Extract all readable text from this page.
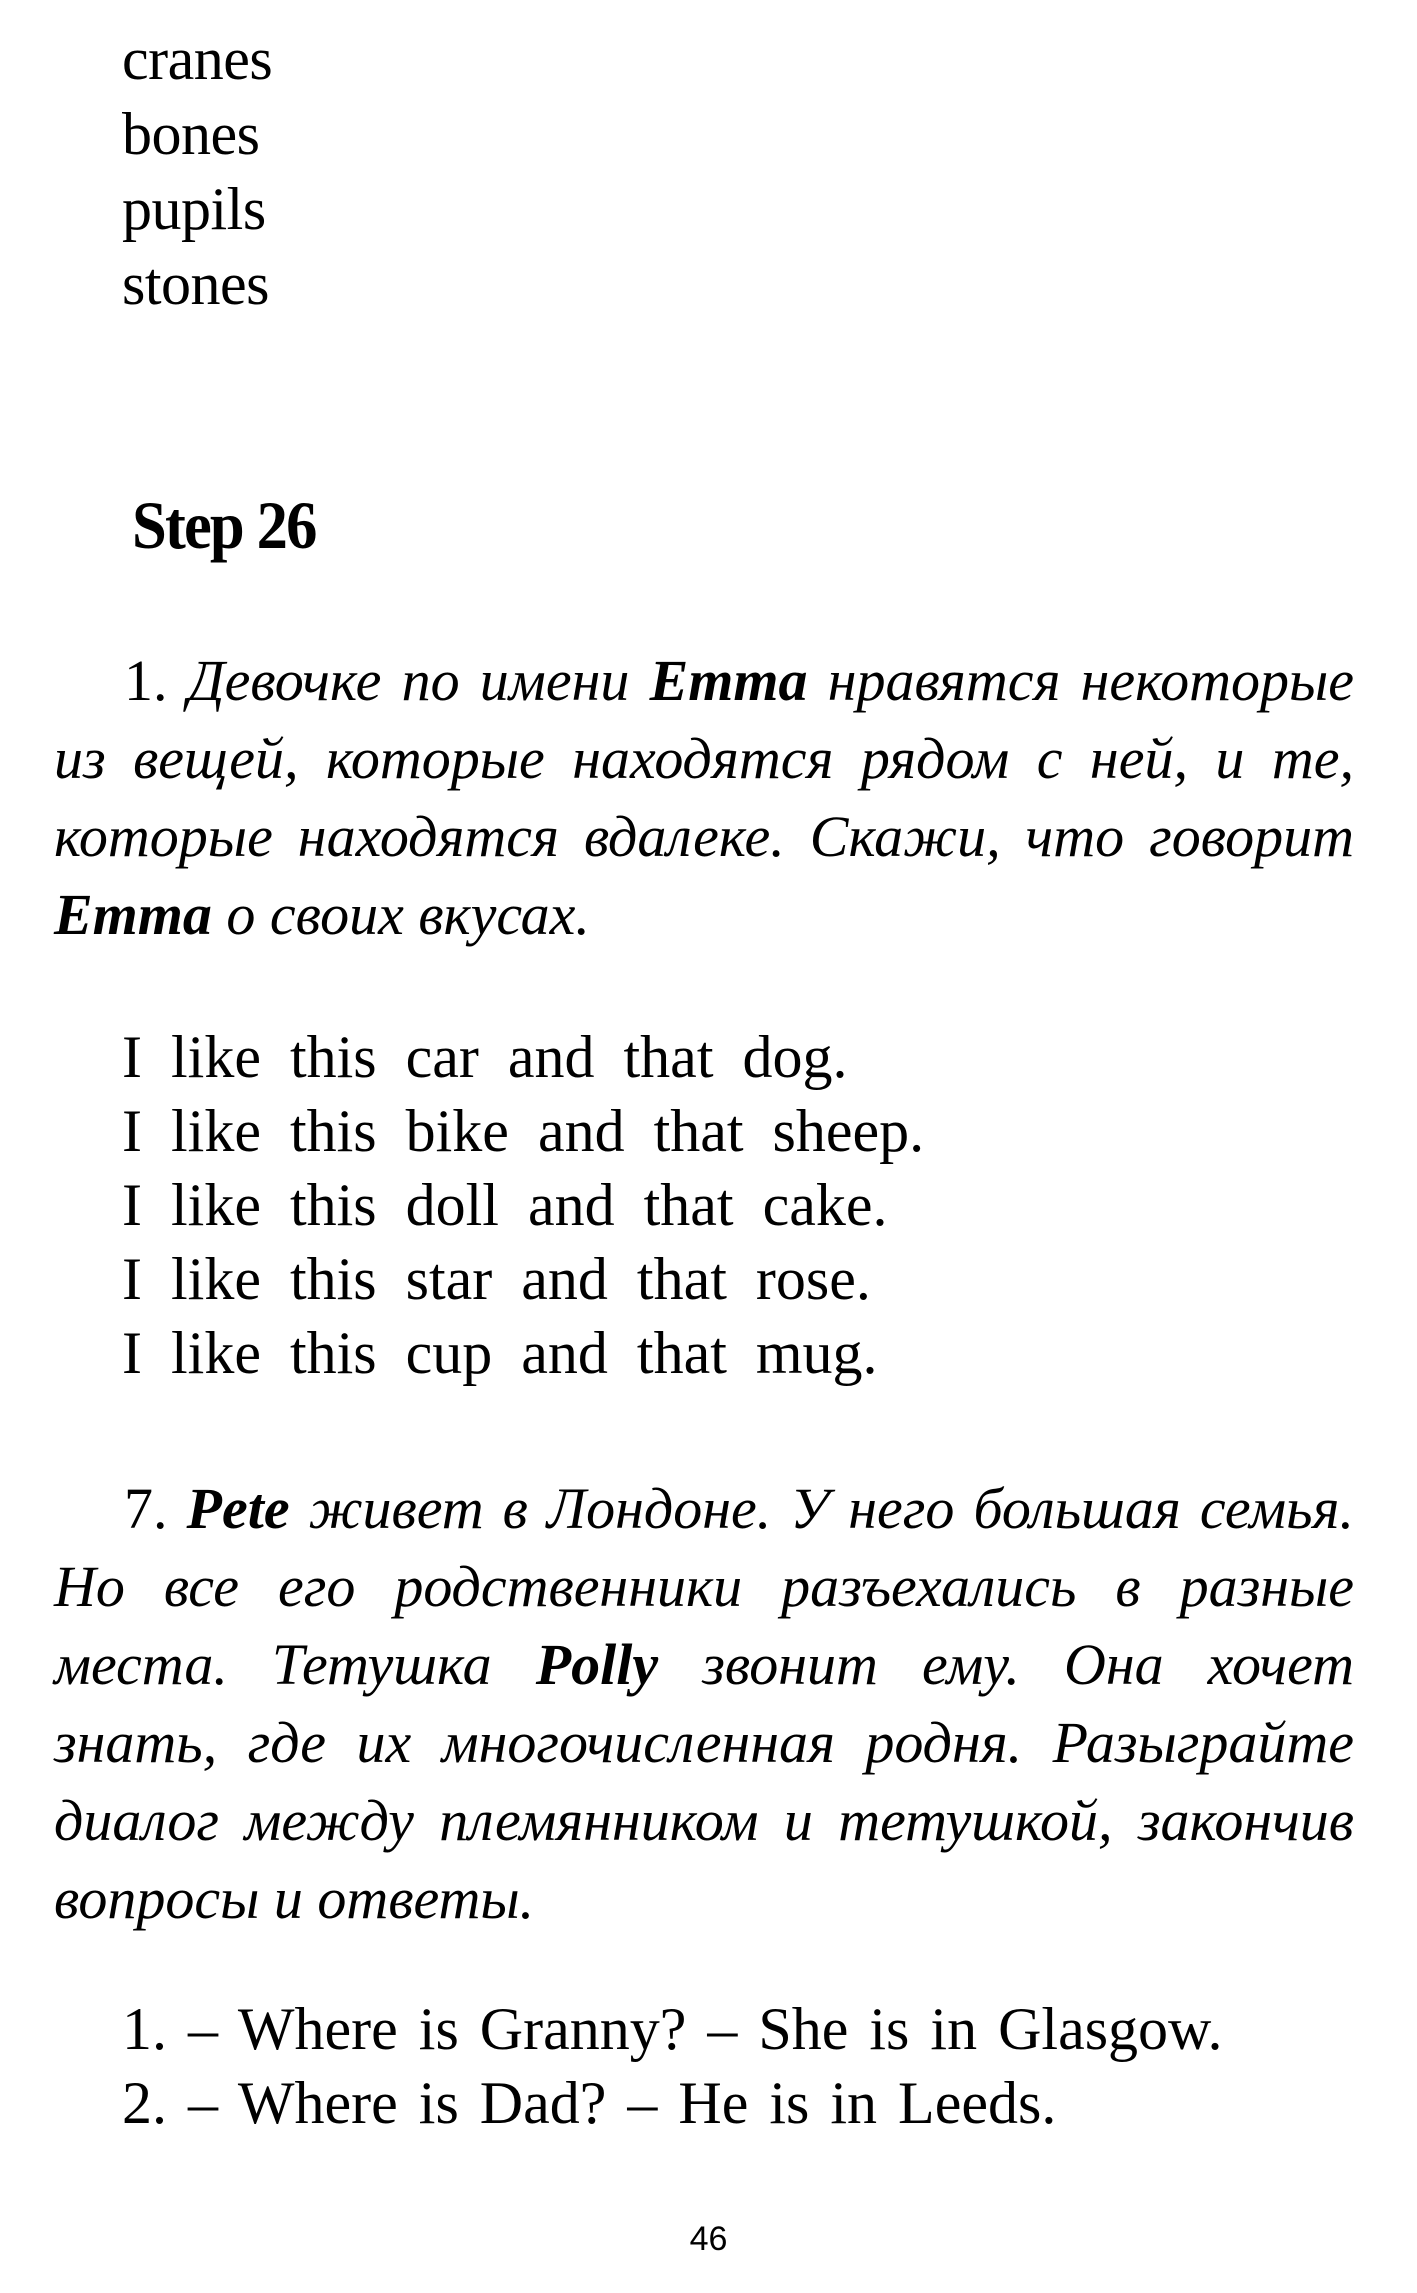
cranes
bones
pupils
stones
Step 26

1. Девочке по имени Emma нравятся некоторые из вещей, которые находятся рядом с ней, и те, которые находятся вдалеке. Скажи, что говорит Emma о своих вкусах.

I like this car and that dog.
I like this bike and that sheep.
I like this doll and that cake.
I like this star and that rose.
I like this cup and that mug.

7. Pete живет в Лондоне. У него большая семья. Но все его родственники разъехались в разные места. Тетушка Polly звонит ему. Она хочет знать, где их многочисленная родня. Разыграйте диалог между племянником и тетушкой, закончив вопросы и ответы.

1. – Where is Granny? – She is in Glasgow.
2. – Where is Dad? – He is in Leeds.
46
